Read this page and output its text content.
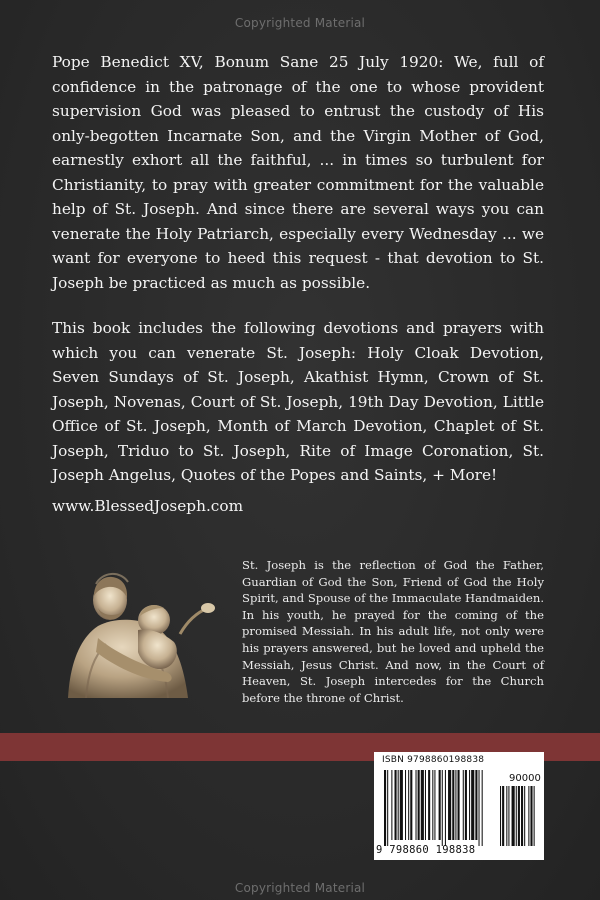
Copyrighted Material

Pope Benedict XV, Bonum Sane 25 July 1920: We, full of confidence in the patronage of the one to whose provident supervision God was pleased to entrust the custody of His only-begotten Incarnate Son, and the Virgin Mother of God, earnestly exhort all the faithful, ... in times so turbulent for Christianity, to pray with greater commitment for the valuable help of St. Joseph. And since there are several ways you can venerate the Holy Patriarch, especially every Wednesday ... we want for everyone to heed this request - that devotion to St. Joseph be practiced as much as possible.

This book includes the following devotions and prayers with which you can venerate St. Joseph: Holy Cloak Devotion, Seven Sundays of St. Joseph, Akathist Hymn, Crown of St. Joseph, Novenas, Court of St. Joseph, 19th Day Devotion, Little Office of St. Joseph, Month of March Devotion, Chaplet of St. Joseph, Triduo to St. Joseph, Rite of Image Coronation, St. Joseph Angelus, Quotes of the Popes and Saints, + More!

www.BlessedJoseph.com

St. Joseph is the reflection of God the Father, Guardian of God the Son, Friend of God the Holy Spirit, and Spouse of the Immaculate Handmaiden. In his youth, he prayed for the coming of the promised Messiah. In his adult life, not only were his prayers answered, but he loved and upheld the Messiah, Jesus Christ. And now, in the Court of Heaven, St. Joseph intercedes for the Church before the throne of Christ.

ISBN 9798860198838
90000
9 798860 198838
Copyrighted Material
